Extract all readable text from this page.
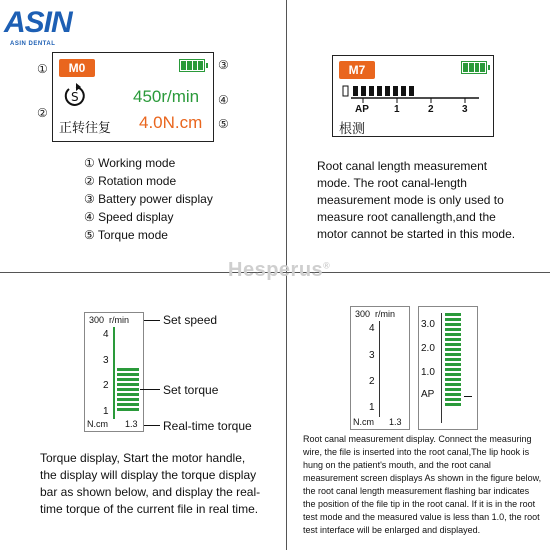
ASIN
ASIN DENTAL
Hesperus®
①
②
③
④
⑤
M0
S	450r/min
正转往复 4.0N.cm
① Working mode
② Rotation mode
③ Battery power display
④ Speed display
⑤ Torque mode
M7
AP	1	2	3
根测
Root canal length measurement mode. The root canal-length measurement mode is only used to measure root canallength,and the motor cannot be started in this mode.
300 r/min
4
3
2
1
N.cm 1.3
Set speed
Set torque
Real-time torque
Torque display, Start the motor handle, the display will display the torque display bar as shown below, and display the real-time torque of the current file in real time.
300 r/min
4
3
2
1
N.cm 1.3
3.0
2.0
1.0
AP
Root canal measurement display. Connect the measuring wire, the file is inserted into the root canal,The lip hook is hung on the patient's mouth, and the root canal measurement screen displays As shown in the figure below, the root canal length measurement flashing bar indicates the position of the file tip in the root canal. If it is in the root test mode and the measured value is less than 1.0, the root test interface will be enlarged and displayed.
